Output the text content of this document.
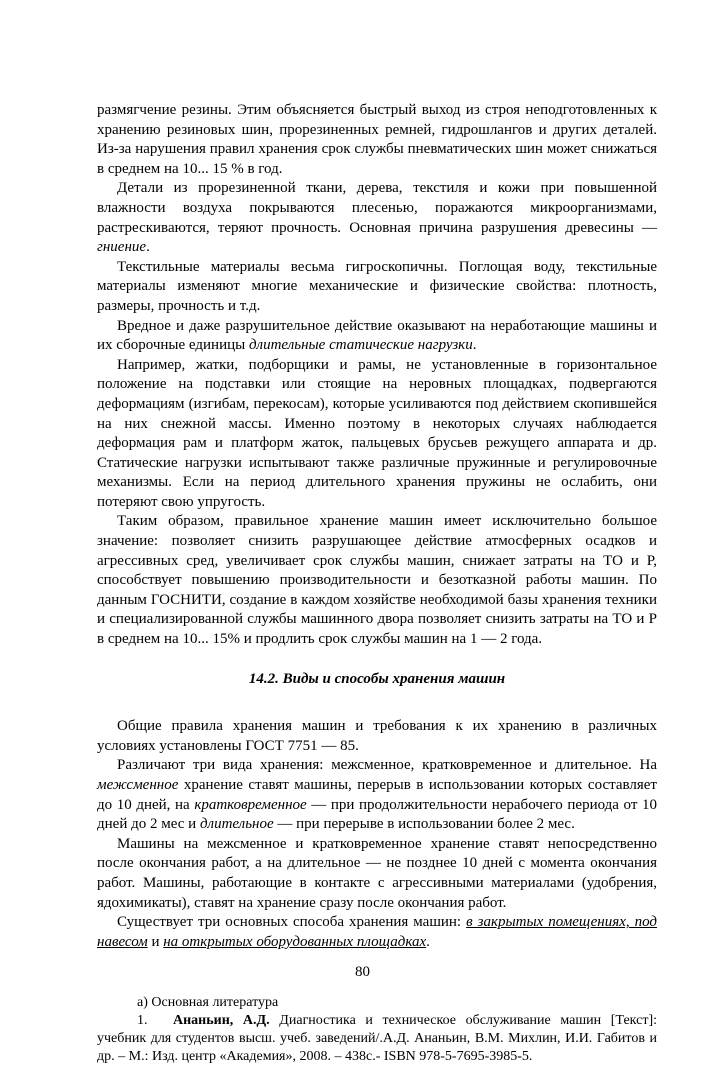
размягчение резины. Этим объясняется быстрый выход из строя неподготовленных к хранению резиновых шин, прорезиненных ремней, гидрошлангов и других деталей. Из-за нарушения правил хранения срок службы пневматических шин может снижаться в среднем на 10... 15 % в год.

Детали из прорезиненной ткани, дерева, текстиля и кожи при повышенной влажности воздуха покрываются плесенью, поражаются микроорганизмами, растрескиваются, теряют прочность. Основная причина разрушения древесины — гниение.

Текстильные материалы весьма гигроскопичны. Поглощая воду, текстильные материалы изменяют многие механические и физические свойства: плотность, размеры, прочность и т.д.

Вредное и даже разрушительное действие оказывают на неработающие машины и их сборочные единицы длительные статические нагрузки.

Например, жатки, подборщики и рамы, не установленные в горизонтальное положение на подставки или стоящие на неровных площадках, подвергаются деформациям (изгибам, перекосам), которые усиливаются под действием скопившейся на них снежной массы. Именно поэтому в некоторых случаях наблюдается деформация рам и платформ жаток, пальцевых брусьев режущего аппарата и др. Статические нагрузки испытывают также различные пружинные и регулировочные механизмы. Если на период длительного хранения пружины не ослабить, они потеряют свою упругость.

Таким образом, правильное хранение машин имеет исключительно большое значение: позволяет снизить разрушающее действие атмосферных осадков и агрессивных сред, увеличивает срок службы машин, снижает затраты на ТО и Р, способствует повышению производительности и безотказной работы машин. По данным ГОСНИТИ, создание в каждом хозяйстве необходимой базы хранения техники и специализированной службы машинного двора позволяет снизить затраты на ТО и Р в среднем на 10... 15% и продлить срок службы машин на 1 — 2 года.

14.2. Виды и способы хранения машин

Общие правила хранения машин и требования к их хранению в различных условиях установлены ГОСТ 7751 — 85.

Различают три вида хранения: межсменное, кратковременное и длительное. На межсменное хранение ставят машины, перерыв в использовании которых составляет до 10 дней, на кратковременное — при продолжительности нерабочего периода от 10 дней до 2 мес и длительное — при перерыве в использовании более 2 мес.

Машины на межсменное и кратковременное хранение ставят непосредственно после окончания работ, а на длительное — не позднее 10 дней с момента окончания работ. Машины, работающие в контакте с агрессивными материалами (удобрения, ядохимикаты), ставят на хранение сразу после окончания работ.

Существует три основных способа хранения машин: в закрытых помещениях, под навесом и на открытых оборудованных площадках.

а) Основная литература

1. Ананьин, А.Д. Диагностика и техническое обслуживание машин [Текст]: учебник для студентов высш. учеб. заведений/.А.Д. Ананьин, В.М. Михлин, И.И. Габитов и др. – М.: Изд. центр «Академия», 2008. – 438с.- ISBN 978-5-7695-3985-5.

80
